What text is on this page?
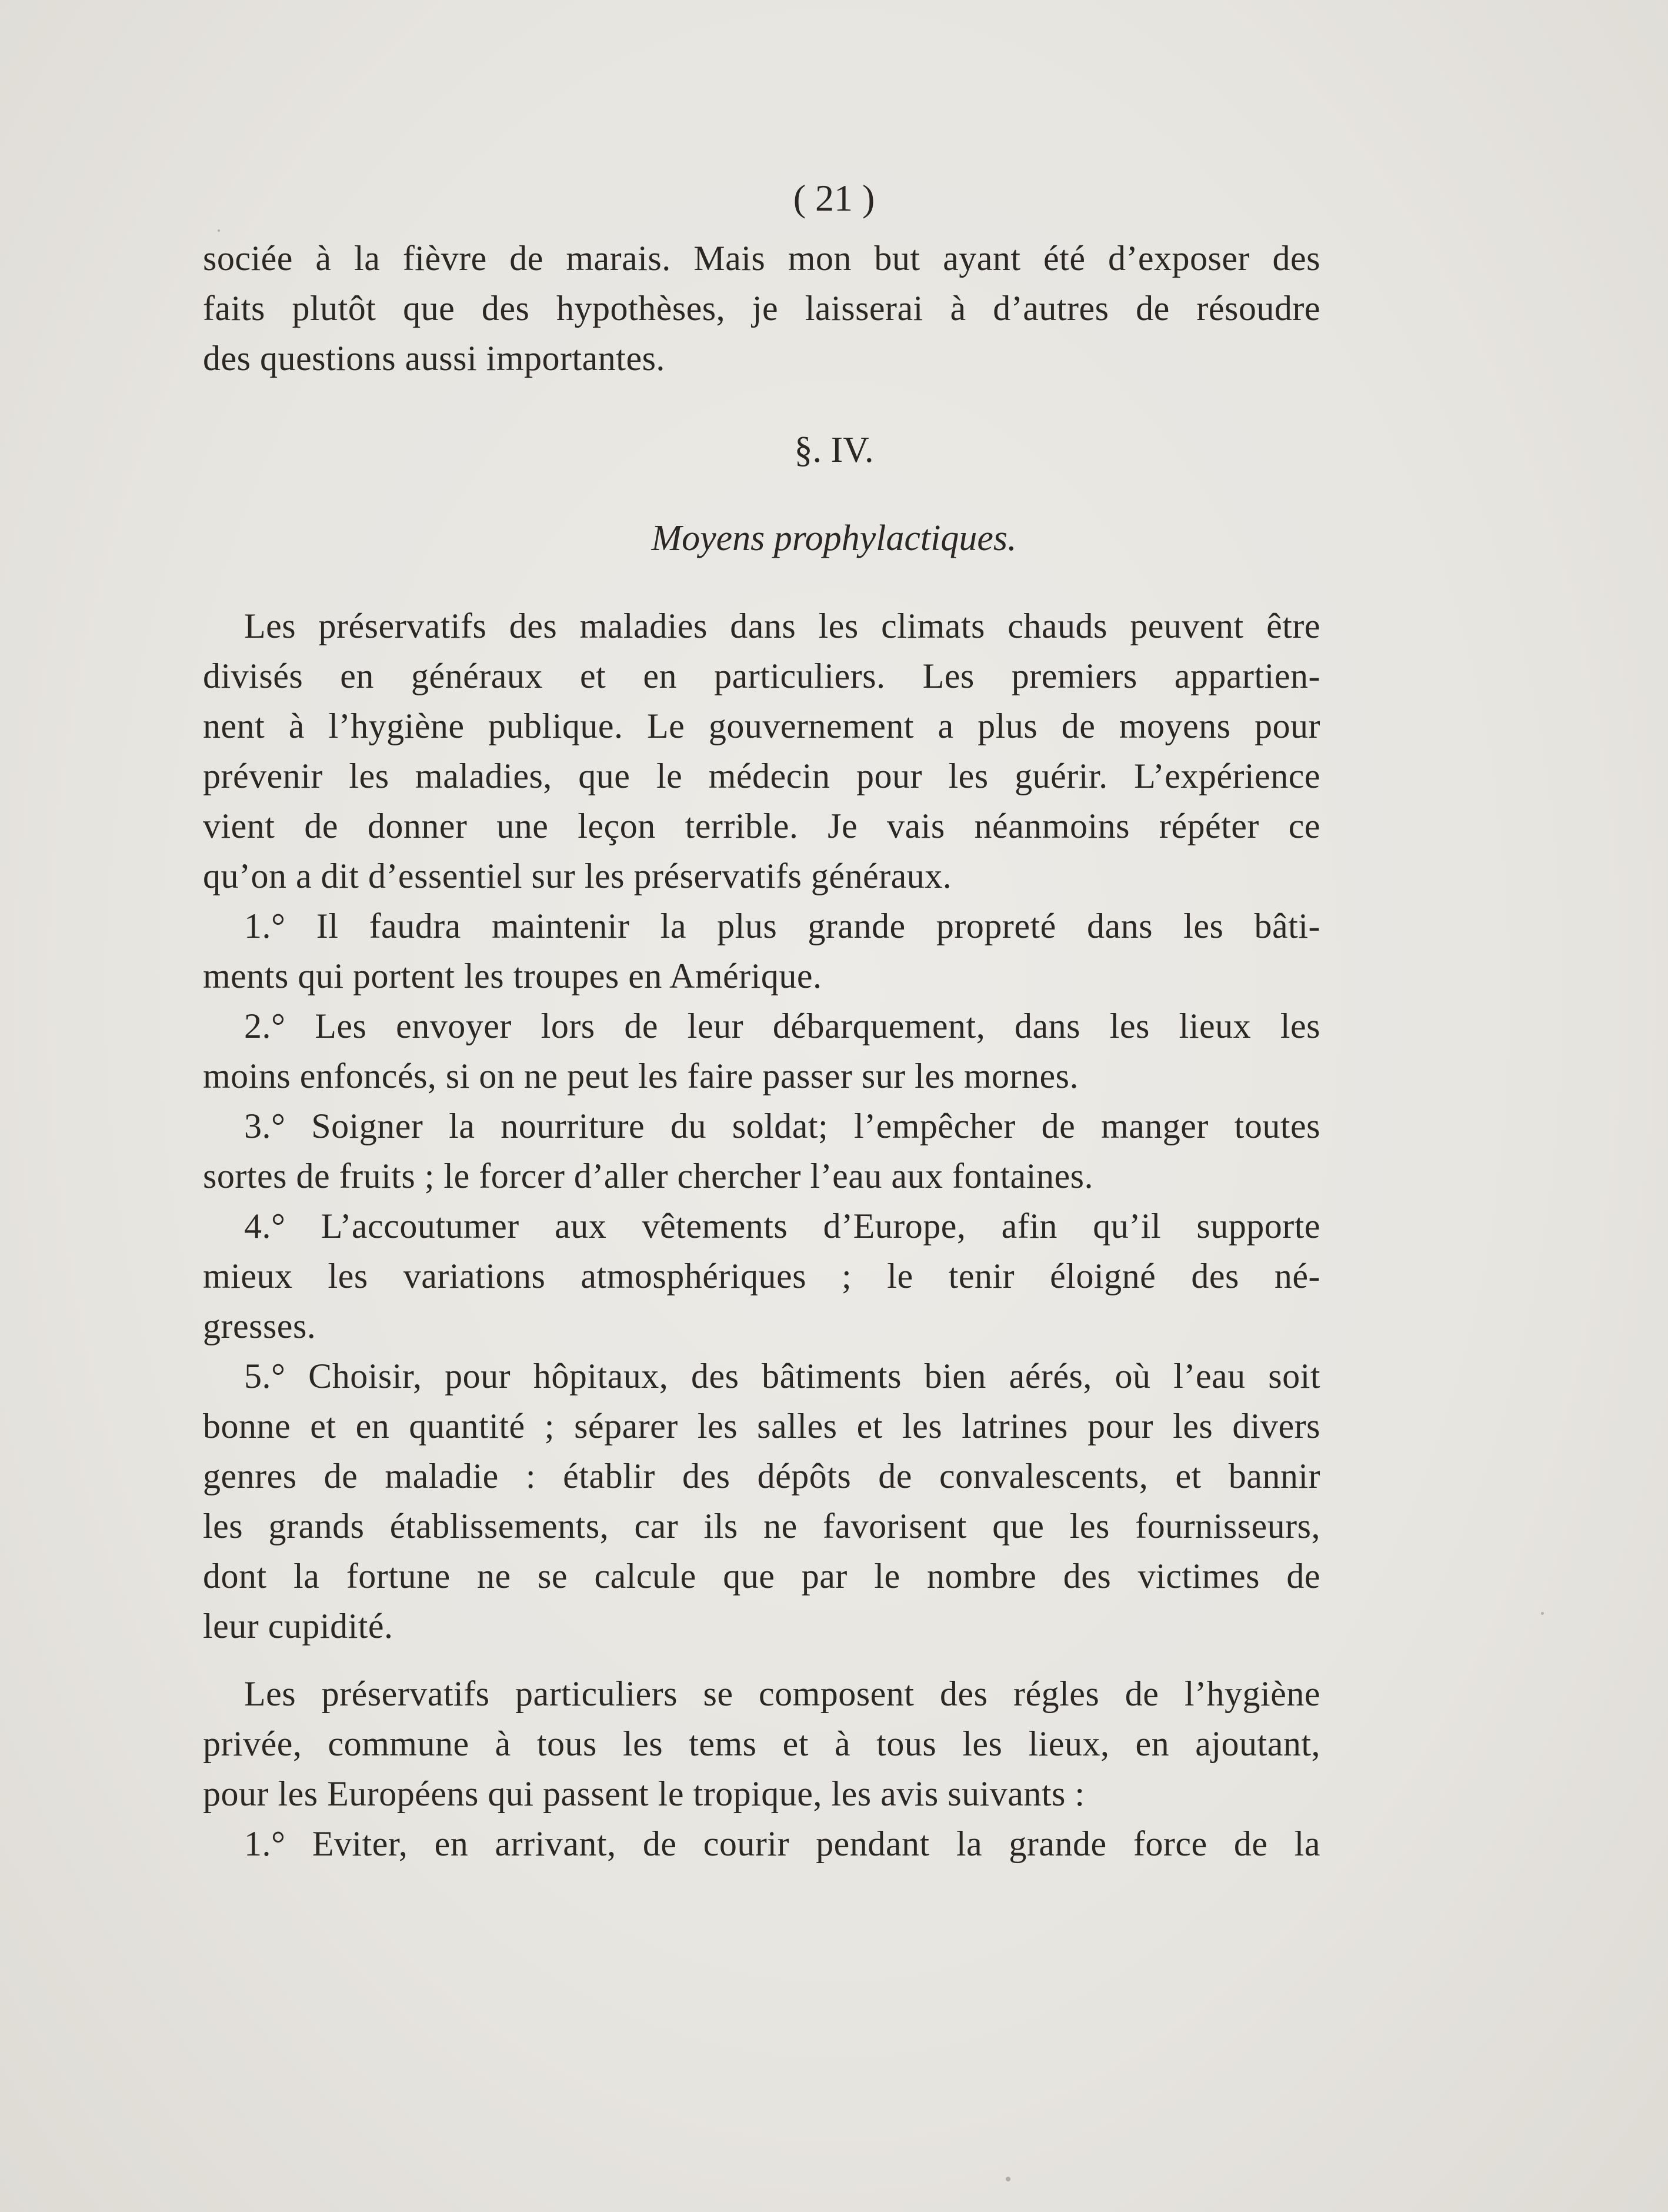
( 21 )
sociée à la fièvre de marais. Mais mon but ayant été d’exposer des
faits plutôt que des hypothèses, je laisserai à d’autres de résoudre
des questions aussi importantes.
§. IV.
Moyens prophylactiques.
Les préservatifs des maladies dans les climats chauds peuvent être
divisés en généraux et en particuliers. Les premiers appartien-
nent à l’hygiène publique. Le gouvernement a plus de moyens pour
prévenir les maladies, que le médecin pour les guérir. L’expérience
vient de donner une leçon terrible. Je vais néanmoins répéter ce
qu’on a dit d’essentiel sur les préservatifs généraux.
1.° Il faudra maintenir la plus grande propreté dans les bâti-
ments qui portent les troupes en Amérique.
2.° Les envoyer lors de leur débarquement, dans les lieux les
moins enfoncés, si on ne peut les faire passer sur les mornes.
3.° Soigner la nourriture du soldat; l’empêcher de manger toutes
sortes de fruits ; le forcer d’aller chercher l’eau aux fontaines.
4.° L’accoutumer aux vêtements d’Europe, afin qu’il supporte
mieux les variations atmosphériques ; le tenir éloigné des né-
gresses.
5.° Choisir, pour hôpitaux, des bâtiments bien aérés, où l’eau soit
bonne et en quantité ; séparer les salles et les latrines pour les divers
genres de maladie : établir des dépôts de convalescents, et bannir
les grands établissements, car ils ne favorisent que les fournisseurs,
dont la fortune ne se calcule que par le nombre des victimes de
leur cupidité.
Les préservatifs particuliers se composent des régles de l’hygiène
privée, commune à tous les tems et à tous les lieux, en ajoutant,
pour les Européens qui passent le tropique, les avis suivants :
1.° Eviter, en arrivant, de courir pendant la grande force de la
